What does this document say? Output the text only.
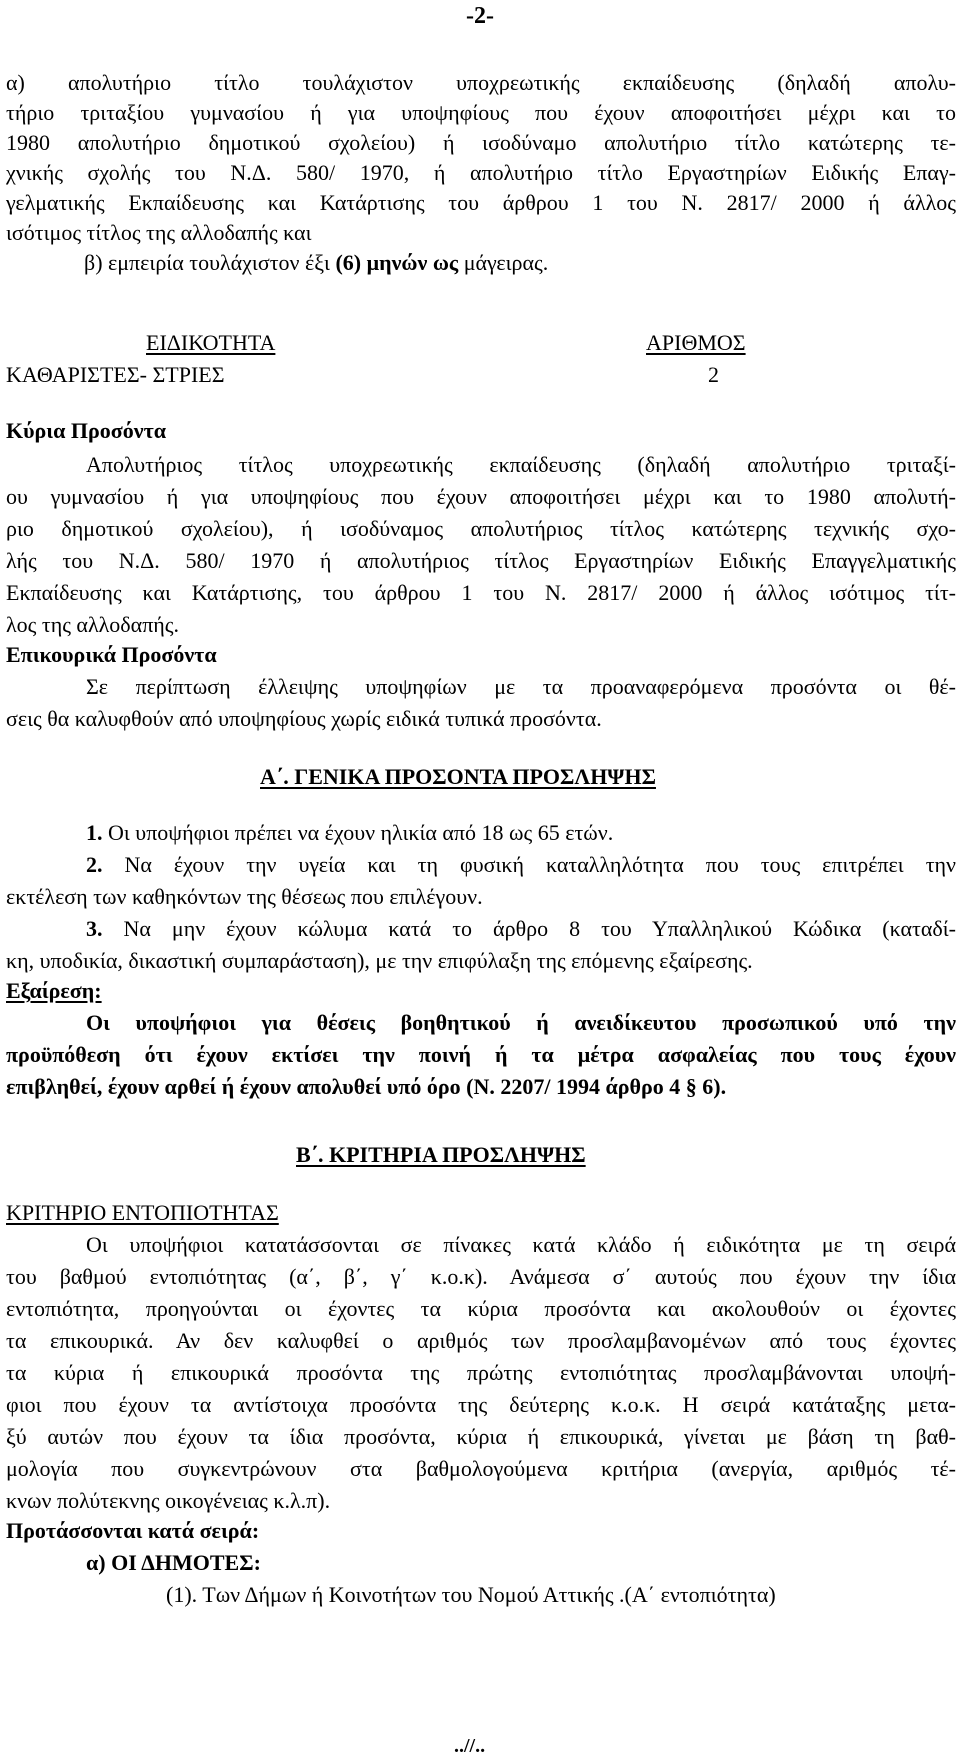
-2-
α) απολυτήριο τίτλο τουλάχιστον υποχρεωτικής εκπαίδευσης (δηλαδή απολυ-
τήριο τριταξίου γυμνασίου ή για υποψηφίους που έχουν αποφοιτήσει μέχρι και το
1980 απολυτήριο δημοτικού σχολείου) ή ισοδύναμο απολυτήριο τίτλο κατώτερης τε-
χνικής σχολής του Ν.Δ. 580/ 1970, ή απολυτήριο τίτλο Εργαστηρίων Ειδικής Επαγ-
γελματικής Εκπαίδευσης και Κατάρτισης του άρθρου 1 του Ν. 2817/ 2000 ή άλλος
ισότιμος τίτλος της αλλοδαπής και
β) εμπειρία τουλάχιστον έξι (6) μηνών ως μάγειρας.
ΕΙΔΙΚΟΤΗΤΑ	ΑΡΙΘΜΟΣ
ΚΑΘΑΡΙΣΤΕΣ- ΣΤΡΙΕΣ	2
Κύρια Προσόντα
Απολυτήριος τίτλος υποχρεωτικής εκπαίδευσης (δηλαδή απολυτήριο τριταξί-
ου γυμνασίου ή για υποψηφίους που έχουν αποφοιτήσει μέχρι και το 1980 απολυτή-
ριο δημοτικού σχολείου), ή ισοδύναμος απολυτήριος τίτλος κατώτερης τεχνικής σχο-
λής του Ν.Δ. 580/ 1970 ή απολυτήριος τίτλος Εργαστηρίων Ειδικής Επαγγελματικής
Εκπαίδευσης και Κατάρτισης, του άρθρου 1 του Ν. 2817/ 2000 ή άλλος ισότιμος τίτ-
λος της αλλοδαπής.
Επικουρικά Προσόντα
Σε περίπτωση έλλειψης υποψηφίων με τα προαναφερόμενα προσόντα οι θέ-
σεις θα καλυφθούν από υποψηφίους χωρίς ειδικά τυπικά προσόντα.
Α΄. ΓΕΝΙΚΑ ΠΡΟΣΟΝΤΑ ΠΡΟΣΛΗΨΗΣ
1. Οι υποψήφιοι πρέπει να έχουν ηλικία από 18 ως 65 ετών.
2. Να έχουν την υγεία και τη φυσική καταλληλότητα που τους επιτρέπει την
εκτέλεση των καθηκόντων της θέσεως που επιλέγουν.
3. Να μην έχουν κώλυμα κατά το άρθρο 8 του Υπαλληλικού Κώδικα (καταδί-
κη, υποδικία, δικαστική συμπαράσταση), με την επιφύλαξη της επόμενης εξαίρεσης.
Εξαίρεση:
Οι υποψήφιοι για θέσεις βοηθητικού ή ανειδίκευτου προσωπικού υπό την
προϋπόθεση ότι έχουν εκτίσει την ποινή ή τα μέτρα ασφαλείας που τους έχουν
επιβληθεί, έχουν αρθεί ή έχουν απολυθεί υπό όρο (Ν. 2207/ 1994 άρθρο 4 § 6).
Β΄. ΚΡΙΤΗΡΙΑ ΠΡΟΣΛΗΨΗΣ
ΚΡΙΤΗΡΙΟ ΕΝΤΟΠΙΟΤΗΤΑΣ
Οι υποψήφιοι κατατάσσονται σε πίνακες κατά κλάδο ή ειδικότητα με τη σειρά
του βαθμού εντοπιότητας (α΄, β΄, γ΄ κ.ο.κ). Ανάμεσα σ΄ αυτούς που έχουν την ίδια
εντοπιότητα, προηγούνται οι έχοντες τα κύρια προσόντα και ακολουθούν οι έχοντες
τα επικουρικά. Αν δεν καλυφθεί ο αριθμός των προσλαμβανομένων από τους έχοντες
τα κύρια ή επικουρικά προσόντα της πρώτης εντοπιότητας προσλαμβάνονται υποψή-
φιοι που έχουν τα αντίστοιχα προσόντα της δεύτερης κ.ο.κ. Η σειρά κατάταξης μετα-
ξύ αυτών που έχουν τα ίδια προσόντα, κύρια ή επικουρικά, γίνεται με βάση τη βαθ-
μολογία που συγκεντρώνουν στα βαθμολογούμενα κριτήρια (ανεργία, αριθμός τέ-
κνων πολύτεκνης οικογένειας κ.λ.π).
Προτάσσονται κατά σειρά:
α) ΟΙ ΔΗΜΟΤΕΣ:
(1). Των Δήμων ή Κοινοτήτων του Νομού Αττικής .(Α΄ εντοπιότητα)
..//..
